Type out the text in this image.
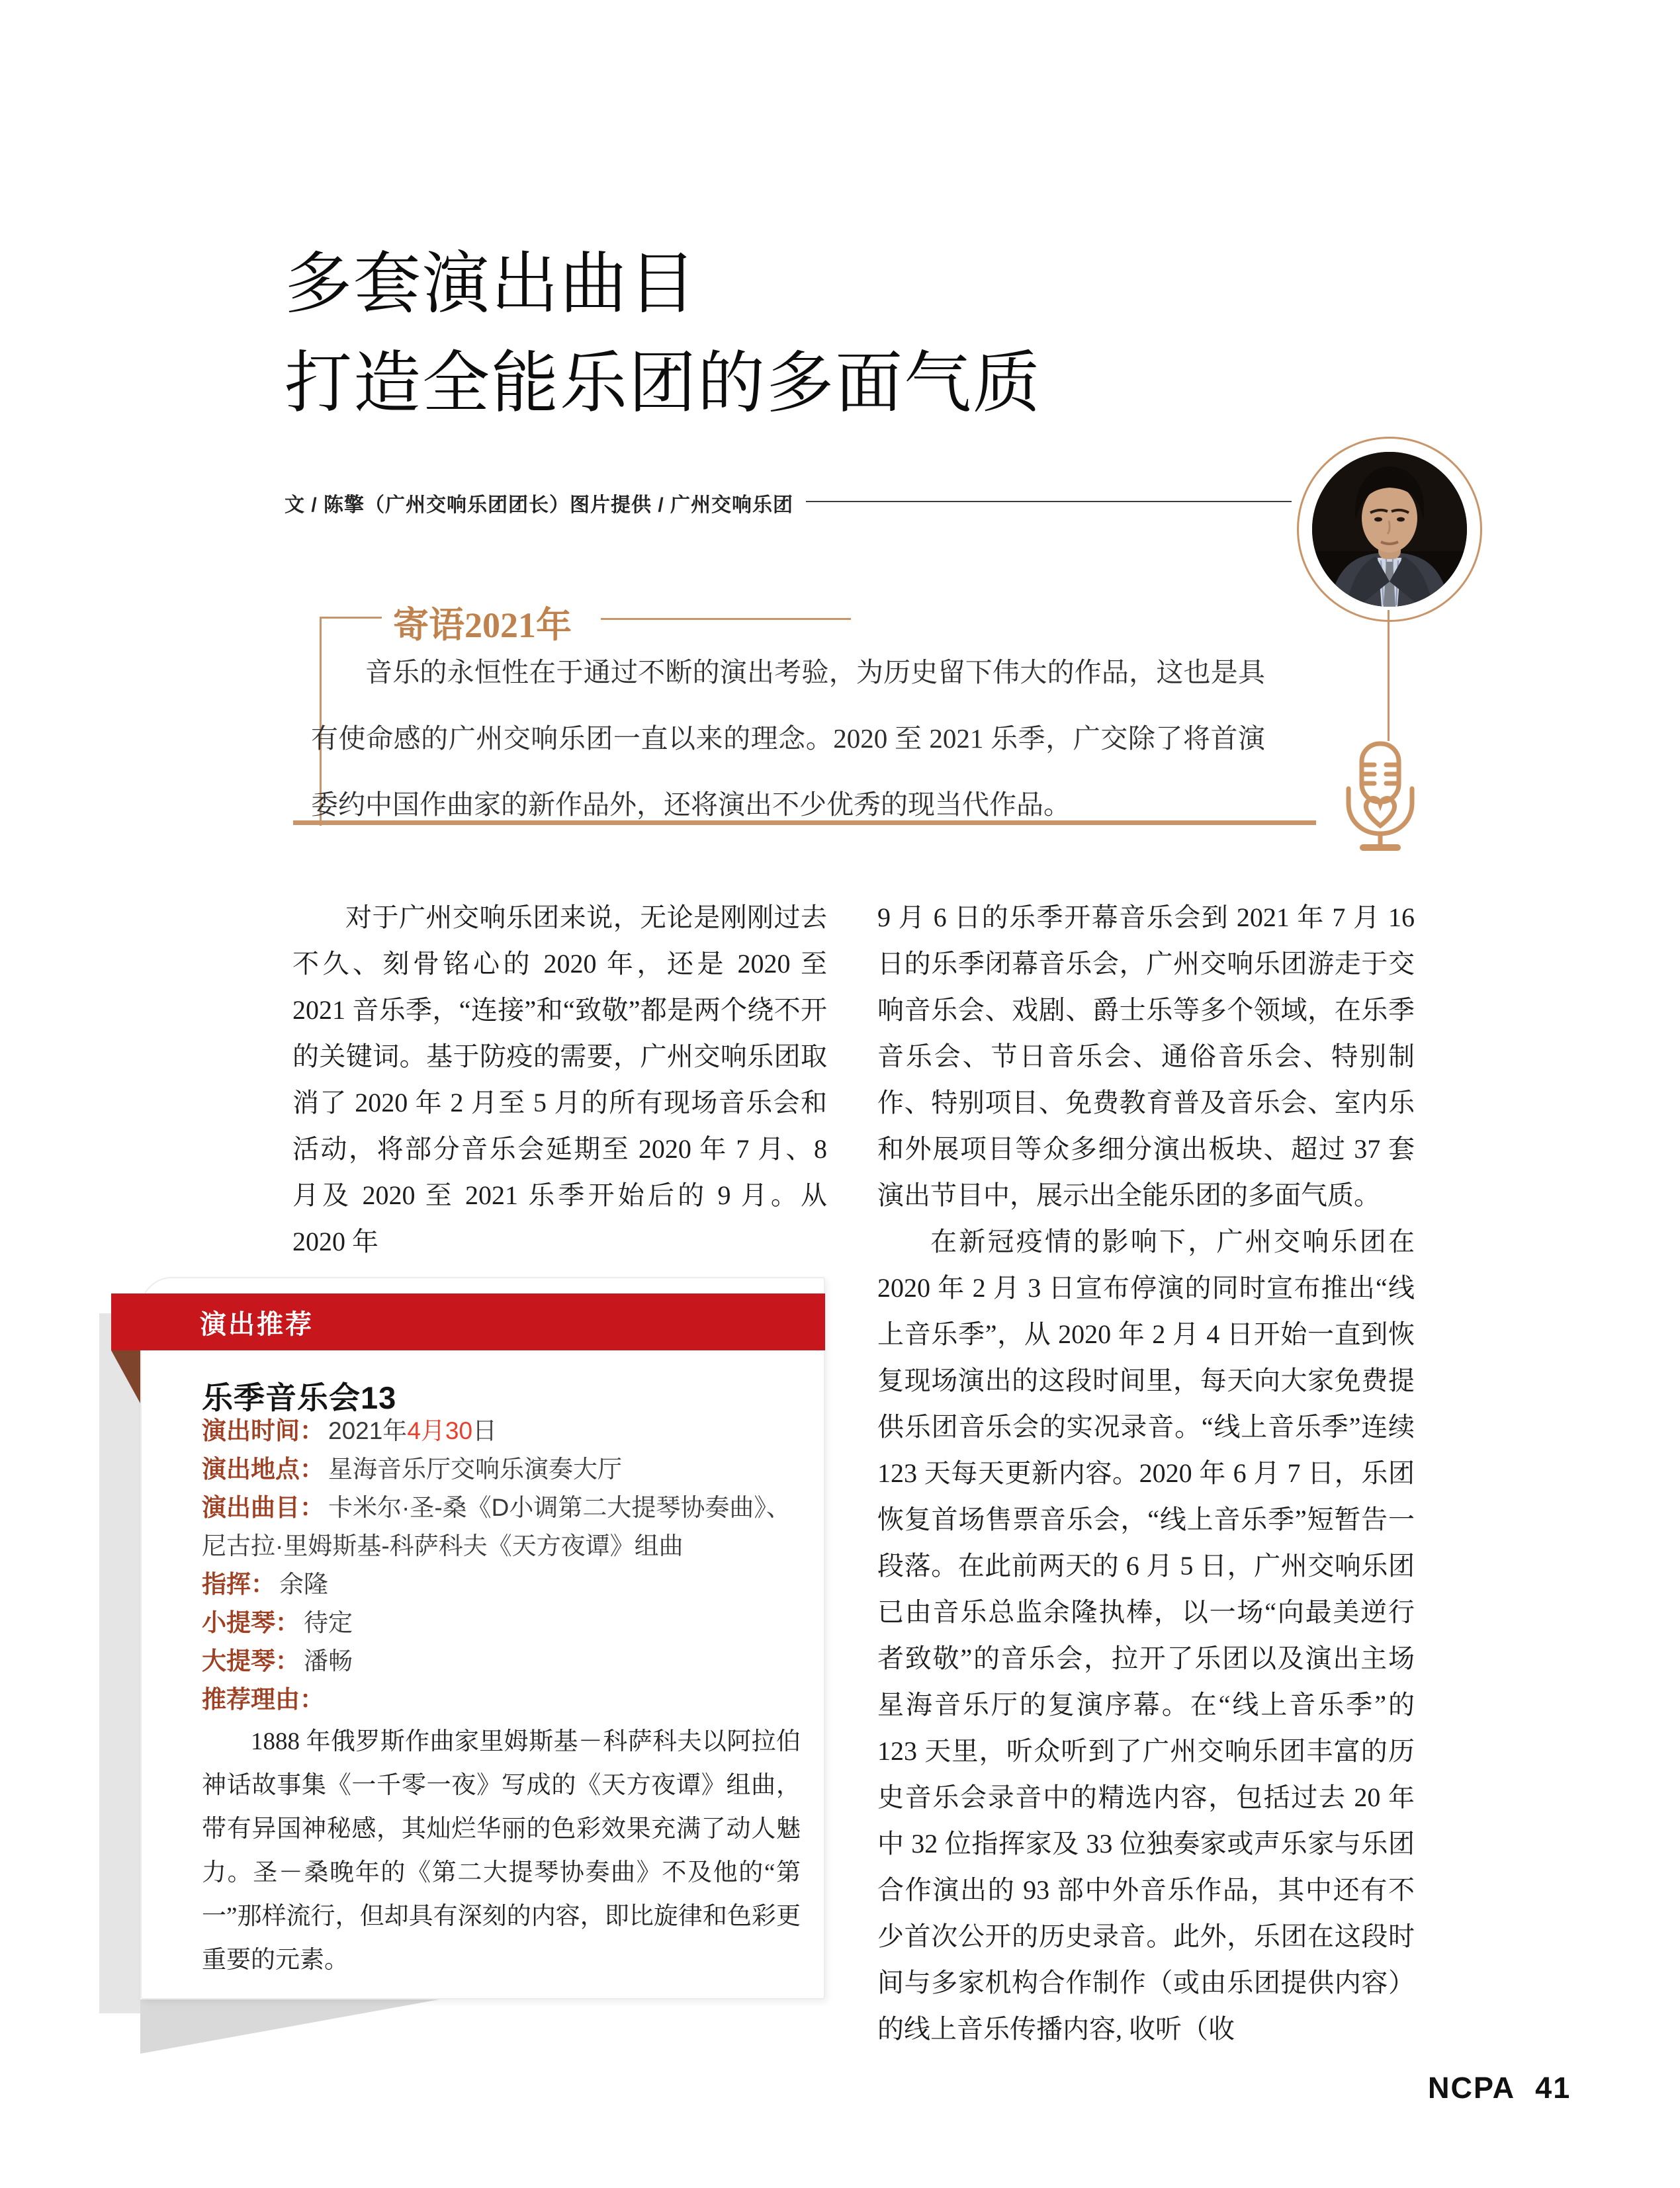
多套演出曲目
打造全能乐团的多面气质
文 / 陈擎（广州交响乐团团长）图片提供 / 广州交响乐团
寄语2021年

音乐的永恒性在于通过不断的演出考验，为历史留下伟大的作品，这也是具有使命感的广州交响乐团一直以来的理念。2020 至 2021 乐季，广交除了将首演委约中国作曲家的新作品外，还将演出不少优秀的现当代作品。

对于广州交响乐团来说，无论是刚刚过去不久、刻骨铭心的 2020 年，还是 2020 至 2021 音乐季，“连接”和“致敬”都是两个绕不开的关键词。基于防疫的需要，广州交响乐团取消了 2020 年 2 月至 5 月的所有现场音乐会和活动，将部分音乐会延期至 2020 年 7 月、8 月及 2020 至 2021 乐季开始后的 9 月。从 2020 年

9 月 6 日的乐季开幕音乐会到 2021 年 7 月 16 日的乐季闭幕音乐会，广州交响乐团游走于交响音乐会、戏剧、爵士乐等多个领域，在乐季音乐会、节日音乐会、通俗音乐会、特别制作、特别项目、免费教育普及音乐会、室内乐和外展项目等众多细分演出板块、超过 37 套演出节目中，展示出全能乐团的多面气质。

在新冠疫情的影响下，广州交响乐团在 2020 年 2 月 3 日宣布停演的同时宣布推出“线上音乐季”，从 2020 年 2 月 4 日开始一直到恢复现场演出的这段时间里，每天向大家免费提供乐团音乐会的实况录音。“线上音乐季”连续 123 天每天更新内容。2020 年 6 月 7 日，乐团恢复首场售票音乐会，“线上音乐季”短暂告一段落。在此前两天的 6 月 5 日，广州交响乐团已由音乐总监余隆执棒，以一场“向最美逆行者致敬”的音乐会，拉开了乐团以及演出主场星海音乐厅的复演序幕。在“线上音乐季”的 123 天里，听众听到了广州交响乐团丰富的历史音乐会录音中的精选内容，包括过去 20 年中 32 位指挥家及 33 位独奏家或声乐家与乐团合作演出的 93 部中外音乐作品，其中还有不少首次公开的历史录音。此外，乐团在这段时间与多家机构合作制作（或由乐团提供内容）的线上音乐传播内容, 收听（收

乐季音乐会13
演出时间： 2021年4月30日
演出地点： 星海音乐厅交响乐演奏大厅
演出曲目： 卡米尔·圣-桑《D小调第二大提琴协奏曲》、尼古拉·里姆斯基-科萨科夫《天方夜谭》组曲
指挥： 余隆
小提琴： 待定
大提琴： 潘畅
推荐理由：

1888 年俄罗斯作曲家里姆斯基－科萨科夫以阿拉伯神话故事集《一千零一夜》写成的《天方夜谭》组曲，带有异国神秘感，其灿烂华丽的色彩效果充满了动人魅力。圣－桑晚年的《第二大提琴协奏曲》不及他的“第一”那样流行，但却具有深刻的内容，即比旋律和色彩更重要的元素。

演出推荐
NCPA 41
